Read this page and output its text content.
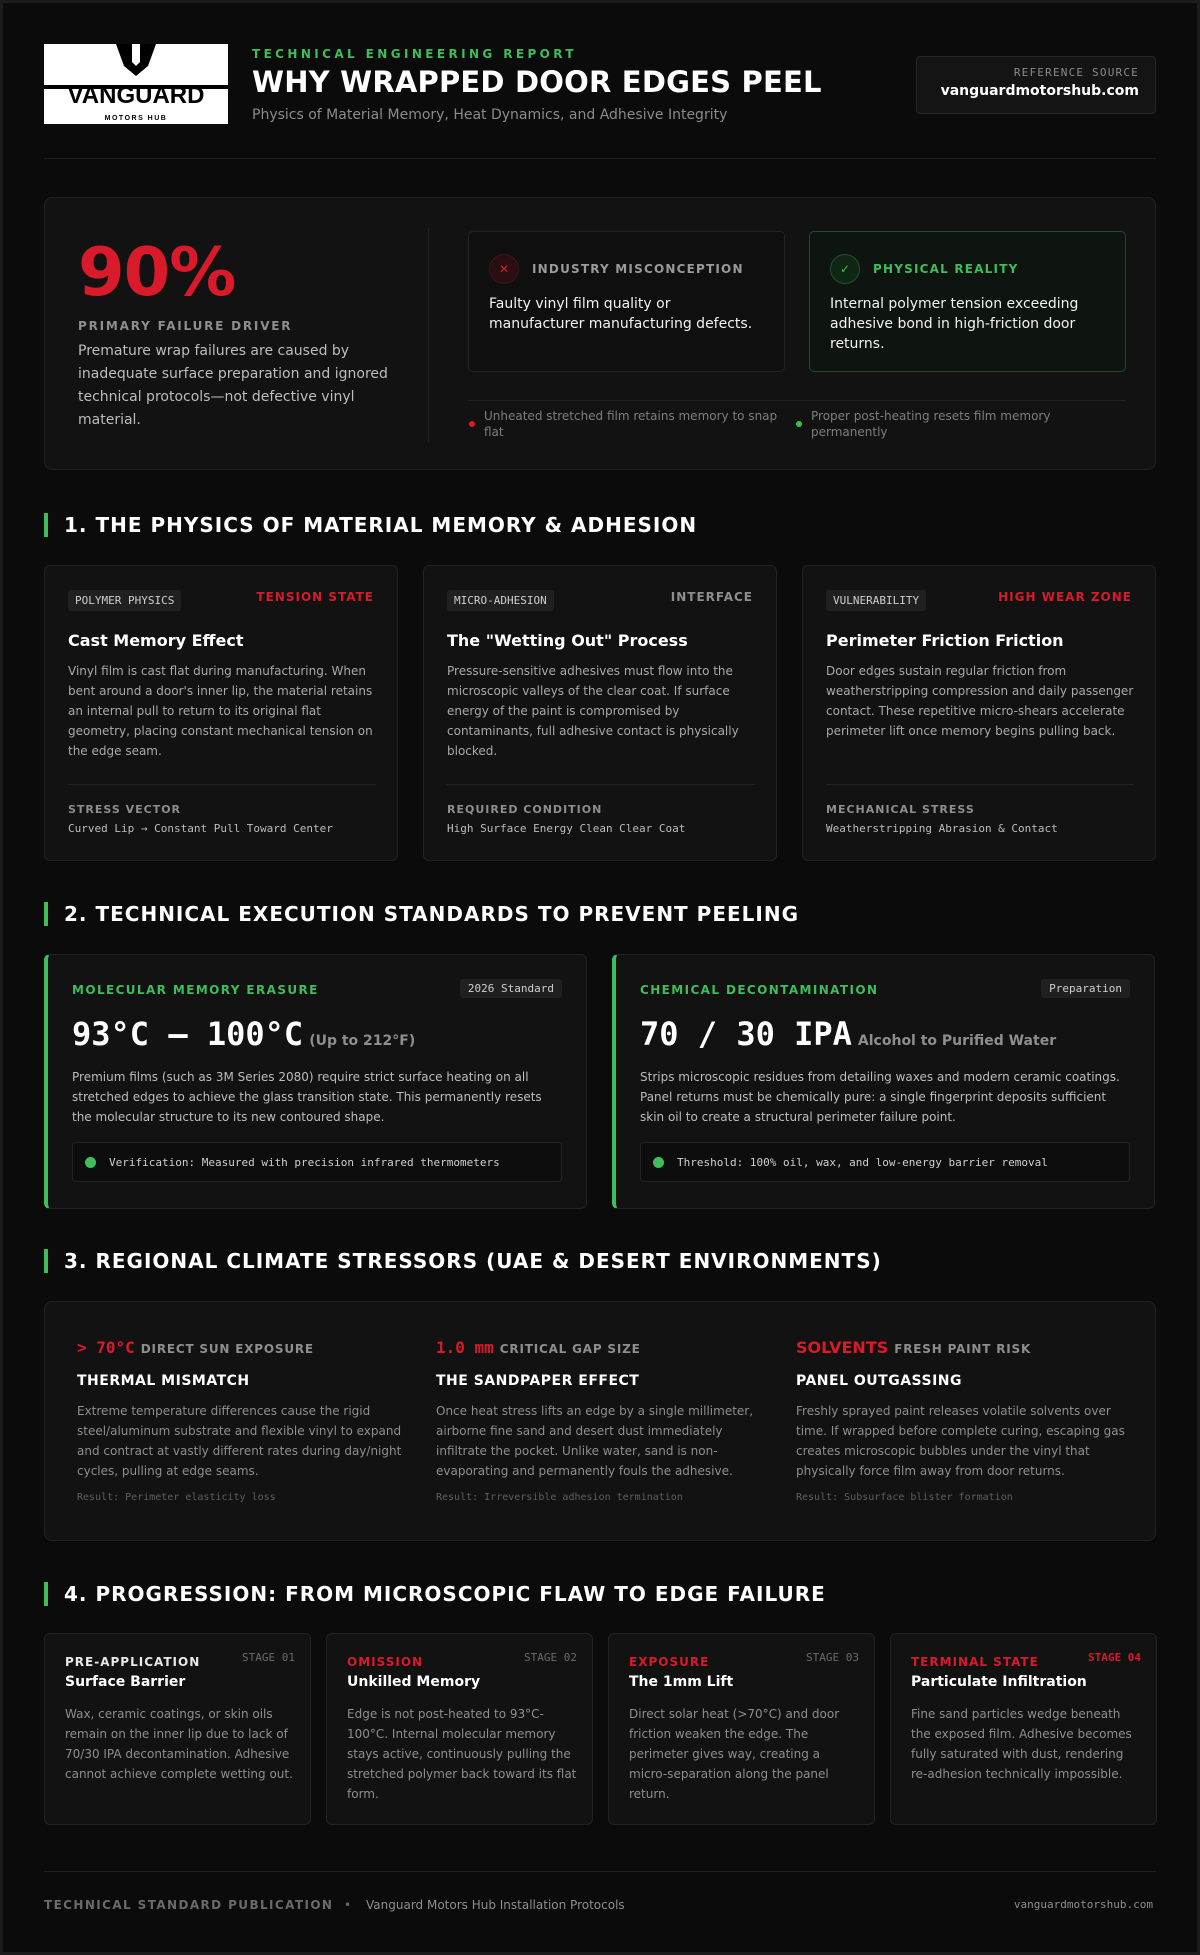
VANGUARD
MOTORS HUB
TECHNICAL ENGINEERING REPORT
WHY WRAPPED DOOR EDGES PEEL
Physics of Material Memory, Heat Dynamics, and Adhesive Integrity
REFERENCE SOURCE
vanguardmotorshub.com
90%
PRIMARY FAILURE DRIVER
Premature wrap failures are caused by inadequate surface preparation and ignored technical protocols—not defective vinyl material.
✕	INDUSTRY MISCONCEPTION
Faulty vinyl film quality or manufacturer manufacturing defects.
✓	PHYSICAL REALITY
Internal polymer tension exceeding adhesive bond in high-friction door returns.
Unheated stretched film retains memory to snap flat
Proper post-heating resets film memory permanently
1. THE PHYSICS OF MATERIAL MEMORY & ADHESION
POLYMER PHYSICS	TENSION STATE
Cast Memory Effect
Vinyl film is cast flat during manufacturing. When bent around a door's inner lip, the material retains an internal pull to return to its original flat geometry, placing constant mechanical tension on the edge seam.
STRESS VECTOR
Curved Lip → Constant Pull Toward Center
MICRO-ADHESION	INTERFACE
The "Wetting Out" Process
Pressure-sensitive adhesives must flow into the microscopic valleys of the clear coat. If surface energy of the paint is compromised by contaminants, full adhesive contact is physically blocked.
REQUIRED CONDITION
High Surface Energy Clean Clear Coat
VULNERABILITY	HIGH WEAR ZONE
Perimeter Friction Friction
Door edges sustain regular friction from weatherstripping compression and daily passenger contact. These repetitive micro-shears accelerate perimeter lift once memory begins pulling back.
MECHANICAL STRESS
Weatherstripping Abrasion & Contact
2. TECHNICAL EXECUTION STANDARDS TO PREVENT PEELING
MOLECULAR MEMORY ERASURE	2026 Standard
93°C – 100°C (Up to 212°F)
Premium films (such as 3M Series 2080) require strict surface heating on all stretched edges to achieve the glass transition state. This permanently resets the molecular structure to its new contoured shape.
Verification: Measured with precision infrared thermometers
CHEMICAL DECONTAMINATION	Preparation
70 / 30 IPA Alcohol to Purified Water
Strips microscopic residues from detailing waxes and modern ceramic coatings. Panel returns must be chemically pure: a single fingerprint deposits sufficient skin oil to create a structural perimeter failure point.
Threshold: 100% oil, wax, and low-energy barrier removal
3. REGIONAL CLIMATE STRESSORS (UAE & DESERT ENVIRONMENTS)
> 70°C DIRECT SUN EXPOSURE
THERMAL MISMATCH
Extreme temperature differences cause the rigid steel/aluminum substrate and flexible vinyl to expand and contract at vastly different rates during day/night cycles, pulling at edge seams.
Result: Perimeter elasticity loss
1.0 mm CRITICAL GAP SIZE
THE SANDPAPER EFFECT
Once heat stress lifts an edge by a single millimeter, airborne fine sand and desert dust immediately infiltrate the pocket. Unlike water, sand is non-evaporating and permanently fouls the adhesive.
Result: Irreversible adhesion termination
SOLVENTS FRESH PAINT RISK
PANEL OUTGASSING
Freshly sprayed paint releases volatile solvents over time. If wrapped before complete curing, escaping gas creates microscopic bubbles under the vinyl that physically force film away from door returns.
Result: Subsurface blister formation
4. PROGRESSION: FROM MICROSCOPIC FLAW TO EDGE FAILURE
PRE-APPLICATION	STAGE 01
Surface Barrier
Wax, ceramic coatings, or skin oils remain on the inner lip due to lack of 70/30 IPA decontamination. Adhesive cannot achieve complete wetting out.
OMISSION	STAGE 02
Unkilled Memory
Edge is not post-heated to 93°C-100°C. Internal molecular memory stays active, continuously pulling the stretched polymer back toward its flat form.
EXPOSURE	STAGE 03
The 1mm Lift
Direct solar heat (>70°C) and door friction weaken the edge. The perimeter gives way, creating a micro-separation along the panel return.
TERMINAL STATE	STAGE 04
Particulate Infiltration
Fine sand particles wedge beneath the exposed film. Adhesive becomes fully saturated with dust, rendering re-adhesion technically impossible.
TECHNICAL STANDARD PUBLICATION • Vanguard Motors Hub Installation Protocols	vanguardmotorshub.com
